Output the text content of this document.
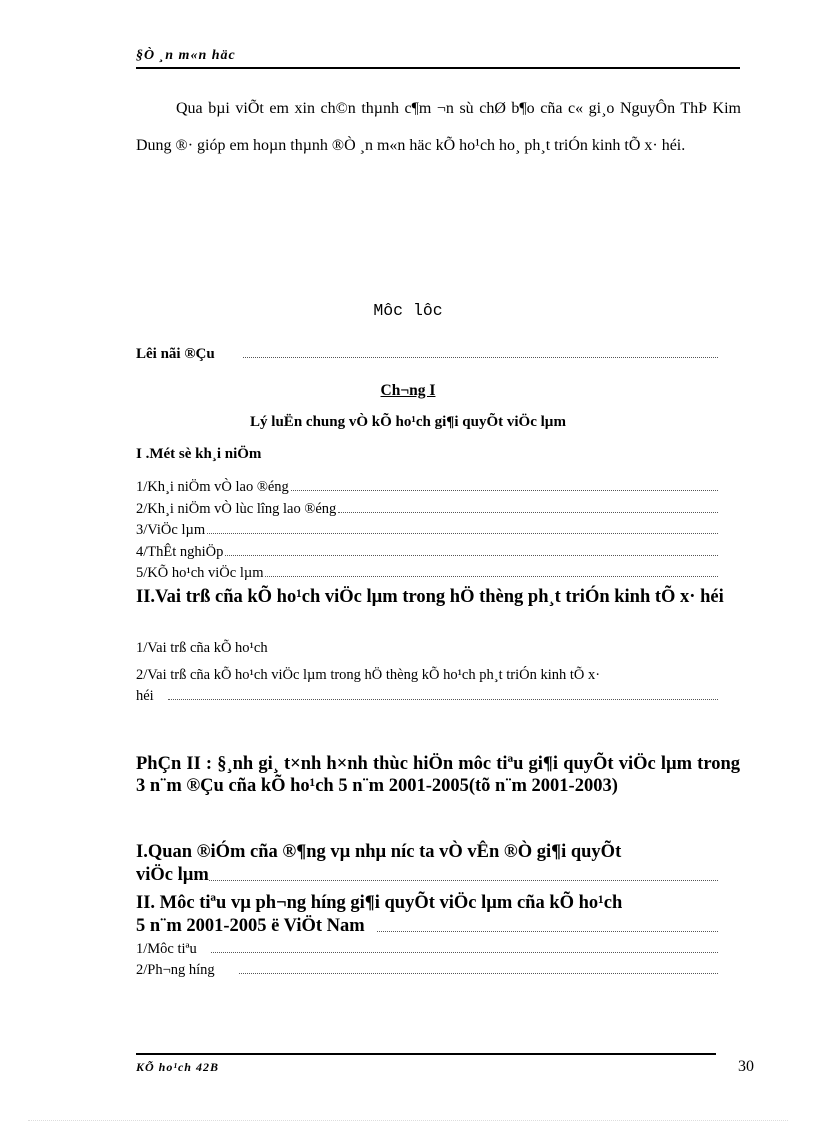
§Ò ¸n m«n häc
Qua bµi viÕt em xin ch©n thµnh c¶m ¬n sù chØ b¶o cña c« gi¸o NguyÔn ThÞ Kim Dung ®· gióp em hoµn thµnh ®Ò ¸n m«n häc kÕ ho¹ch ho¸ ph¸t triÓn kinh tÕ x· héi.
Môc lôc
Lêi nãi ®Çu
Ch¬ng I
Lý luËn chung vÒ kÕ ho¹ch gi¶i quyÕt viÖc lµm
I .Mét sè kh¸i niÖm
1/Kh¸i niÖm vÒ lao ®éng
2/Kh¸i niÖm vÒ lùc lîng lao ®éng
3/ViÖc lµm
4/ThÊt nghiÖp
5/KÕ ho¹ch viÖc lµm
II.Vai trß cña kÕ ho¹ch viÖc lµm trong hÖ thèng ph¸t triÓn kinh tÕ x· héi
1/Vai trß cña kÕ ho¹ch
2/Vai trß cña kÕ ho¹ch viÖc lµm trong hÖ thèng kÕ ho¹ch ph¸t triÓn kinh tÕ x·
héi
PhÇn II : §¸nh gi¸ t×nh h×nh thùc hiÖn môc tiªu gi¶i quyÕt viÖc lµm trong 3 n¨m ®Çu cña kÕ ho¹ch 5 n¨m 2001-2005(tõ n¨m 2001-2003)
I.Quan ®iÓm cña ®¶ng vµ nhµ níc ta vÒ vÊn ®Ò gi¶i quyÕt
viÖc lµm
II. Môc tiªu vµ ph¬ng híng gi¶i quyÕt viÖc lµm cña kÕ ho¹ch
5 n¨m 2001-2005 ë ViÖt Nam
1/Môc tiªu
2/Ph¬ng híng
KÕ ho¹ch 42B	30
